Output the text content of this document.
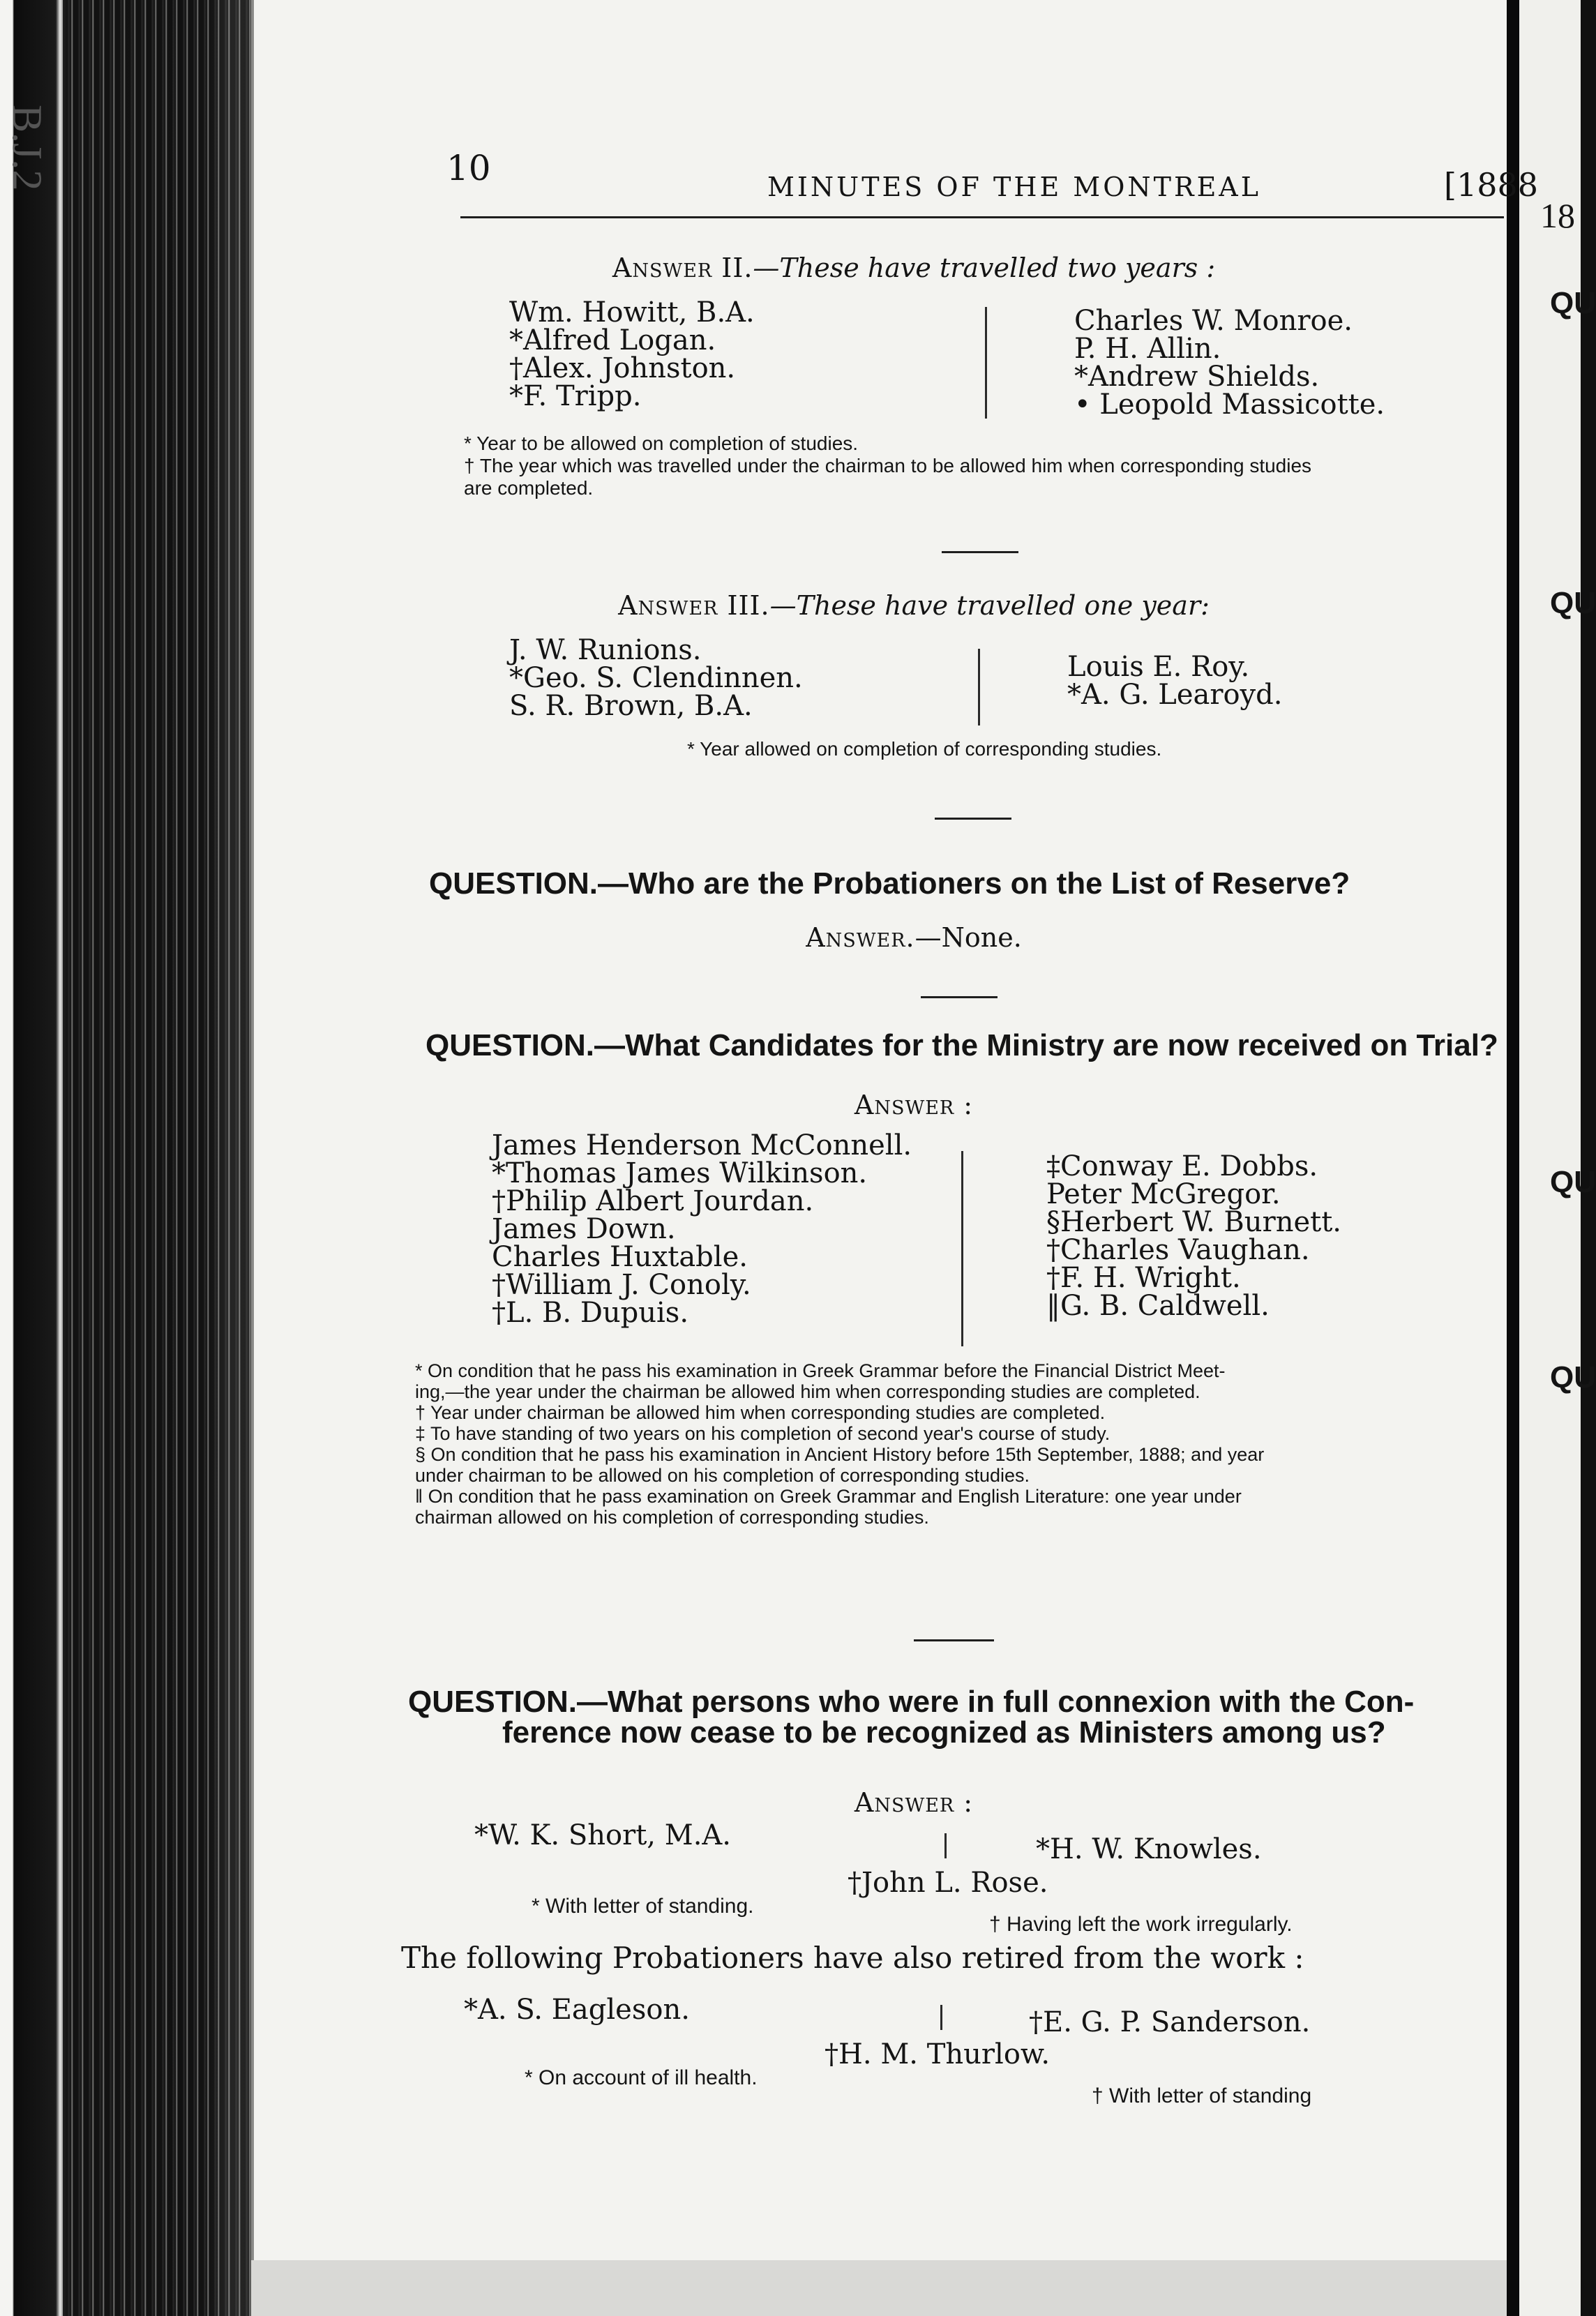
B.J.2
18
QU
QU
QU
QU
10	MINUTES OF THE MONTREAL	[1888
Answer II.—These have travelled two years :
Wm. Howitt, B.A.
*Alfred Logan.
†Alex. Johnston.
*F. Tripp.
Charles W. Monroe.
P. H. Allin.
*Andrew Shields.
• Leopold Massicotte.
* Year to be allowed on completion of studies.
† The year which was travelled under the chairman to be allowed him when corresponding studies
are completed.
Answer III.—These have travelled one year:
J. W. Runions.
*Geo. S. Clendinnen.
S. R. Brown, B.A.
Louis E. Roy.
*A. G. Learoyd.
* Year allowed on completion of corresponding studies.
QUESTION.—Who are the Probationers on the List of Reserve?
Answer.—None.
QUESTION.—What Candidates for the Ministry are now received on Trial?
Answer :
James Henderson McConnell.
*Thomas James Wilkinson.
†Philip Albert Jourdan.
James Down.
Charles Huxtable.
†William J. Conoly.
†L. B. Dupuis.
‡Conway E. Dobbs.
Peter McGregor.
§Herbert W. Burnett.
†Charles Vaughan.
†F. H. Wright.
‖G. B. Caldwell.
* On condition that he pass his examination in Greek Grammar before the Financial District Meet-
ing,—the year under the chairman be allowed him when corresponding studies are completed.
† Year under chairman be allowed him when corresponding studies are completed.
‡ To have standing of two years on his completion of second year's course of study.
§ On condition that he pass his examination in Ancient History before 15th September, 1888; and year
under chairman to be allowed on his completion of corresponding studies.
‖ On condition that he pass examination on Greek Grammar and English Literature: one year under
chairman allowed on his completion of corresponding studies.
QUESTION.—What persons who were in full connexion with the Con-
ference now cease to be recognized as Ministers among us?
Answer :
*W. K. Short, M.A.	*H. W. Knowles.
†John L. Rose.
* With letter of standing.
† Having left the work irregularly.
The following Probationers have also retired from the work :
*A. S. Eagleson.	†E. G. P. Sanderson.
†H. M. Thurlow.
* On account of ill health.
† With letter of standing
